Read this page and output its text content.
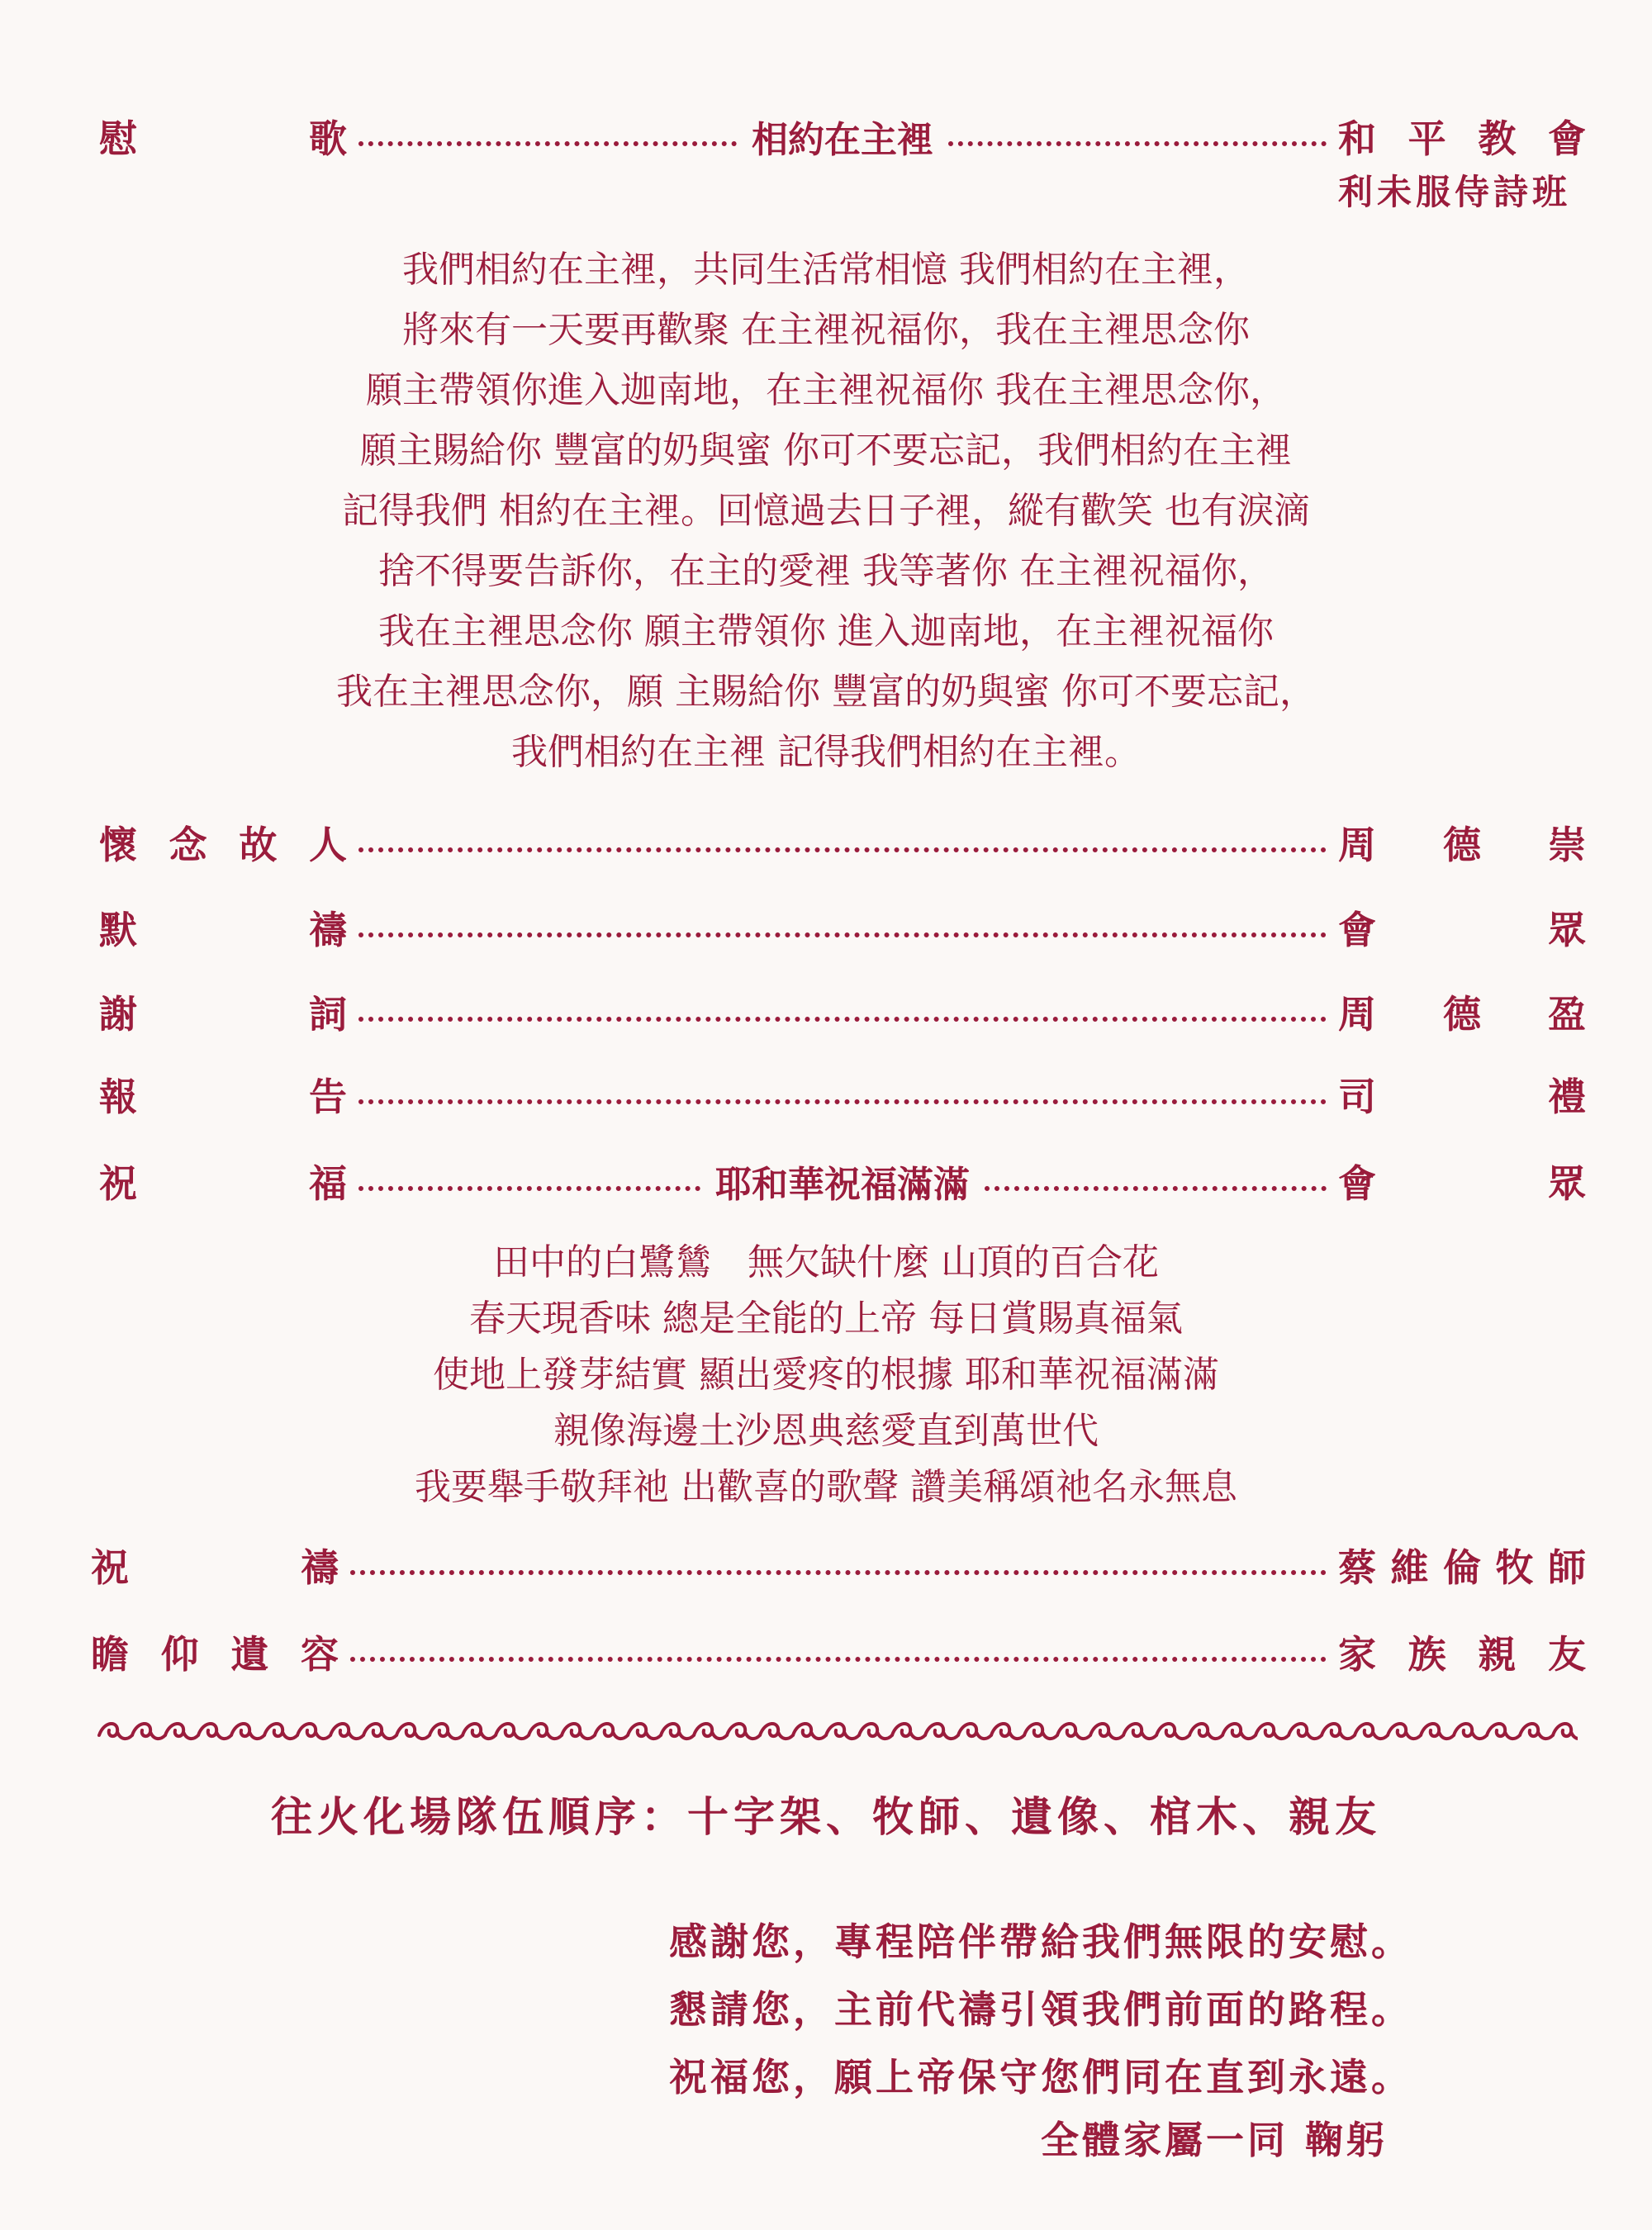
慰	歌	相約在主裡	和 平 教 會
利未服侍詩班
我們相約在主裡，共同生活常相憶 我們相約在主裡，
將來有一天要再歡聚 在主裡祝福你，我在主裡思念你
願主帶領你進入迦南地，在主裡祝福你 我在主裡思念你，
願主賜給你 豐富的奶與蜜 你可不要忘記，我們相約在主裡
記得我們 相約在主裡。回憶過去日子裡，縱有歡笑 也有淚滴
捨不得要告訴你，在主的愛裡 我等著你 在主裡祝福你，
我在主裡思念你 願主帶領你 進入迦南地，在主裡祝福你
我在主裡思念你，願 主賜給你 豐富的奶與蜜 你可不要忘記，
我們相約在主裡 記得我們相約在主裡。
懷 念 故 人	周 德 崇
默	禱	會	眾
謝	詞	周 德 盈
報	告	司	禮
祝	福	耶和華祝福滿滿	會	眾
田中的白鷺鷥　無欠缺什麼 山頂的百合花
春天現香味 總是全能的上帝 每日賞賜真福氣
使地上發芽結實 顯出愛疼的根據 耶和華祝福滿滿
親像海邊土沙恩典慈愛直到萬世代
我要舉手敬拜祂 出歡喜的歌聲 讚美稱頌祂名永無息
祝	禱	蔡 維 倫 牧 師
瞻 仰 遺 容	家 族 親 友
往火化場隊伍順序：十字架、牧師、遺像、棺木、親友
感謝您，專程陪伴帶給我們無限的安慰。
懇請您，主前代禱引領我們前面的路程。
祝福您，願上帝保守您們同在直到永遠。
全體家屬一同 鞠躬
